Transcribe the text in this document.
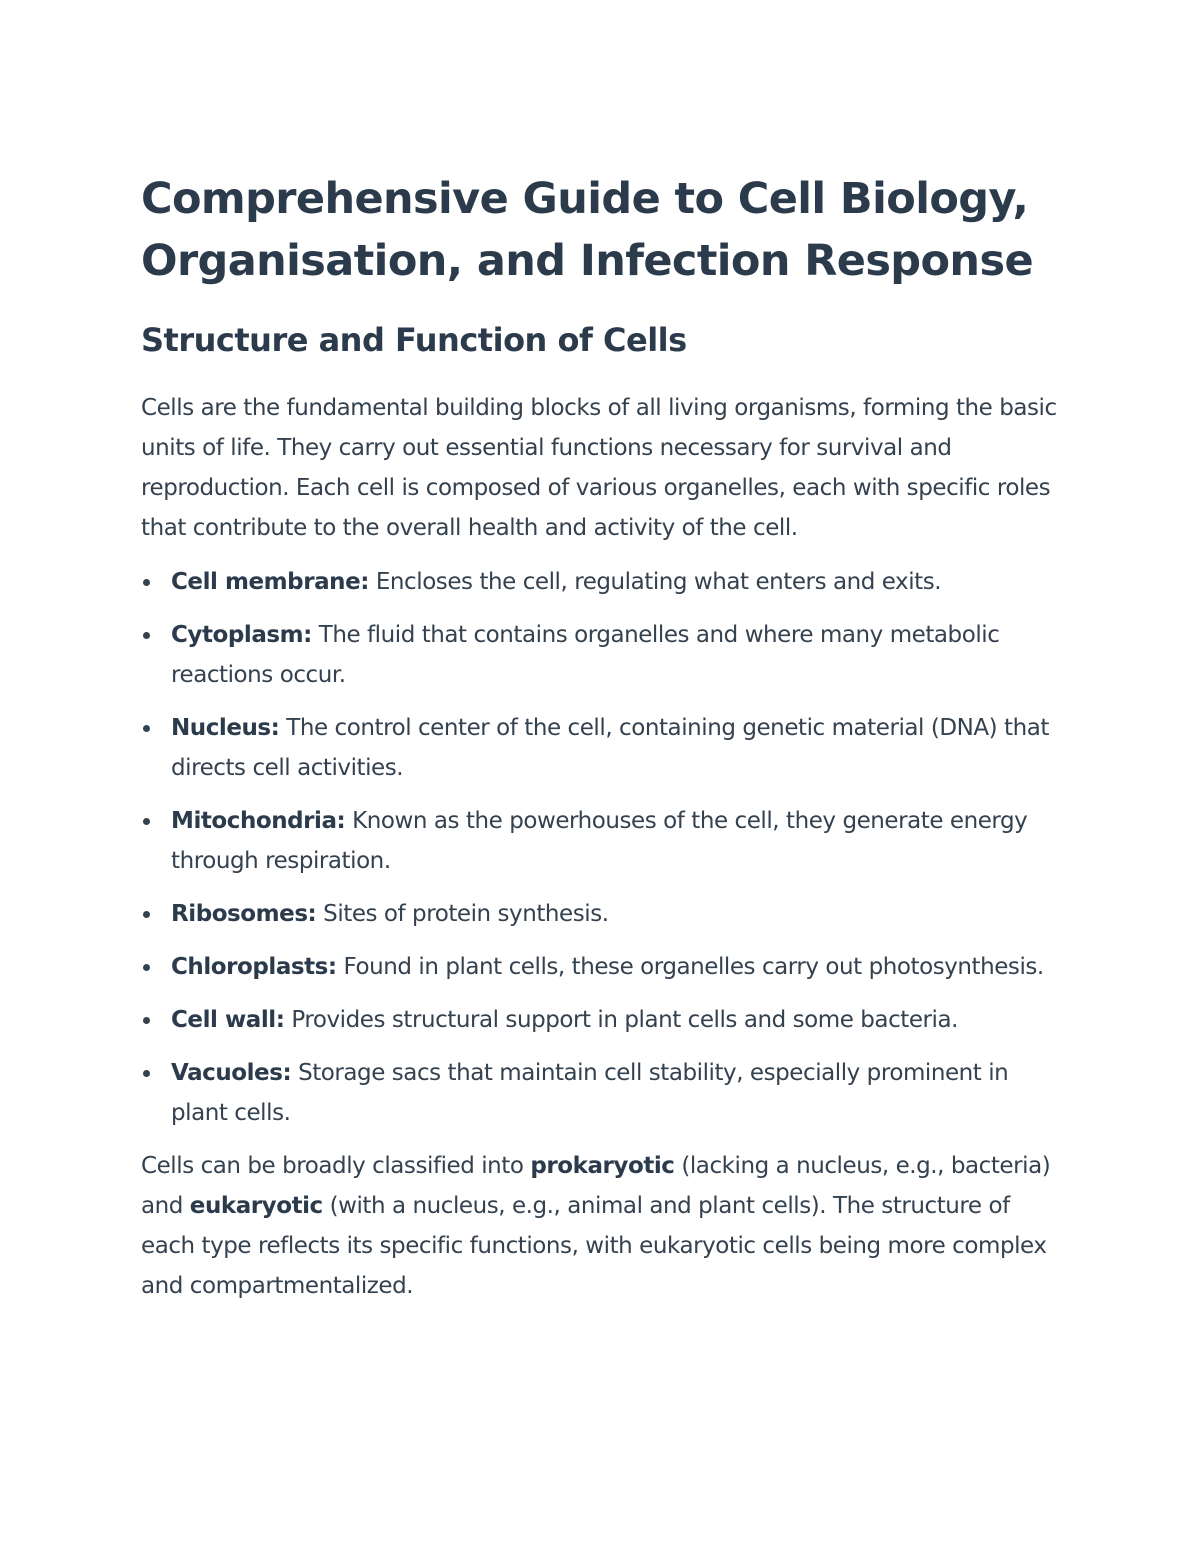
Comprehensive Guide to Cell Biology,
Organisation, and Infection Response
Structure and Function of Cells

Cells are the fundamental building blocks of all living organisms, forming the basic units of life. They carry out essential functions necessary for survival and reproduction. Each cell is composed of various organelles, each with specific roles that contribute to the overall health and activity of the cell.

Cell membrane: Encloses the cell, regulating what enters and exits.
Cytoplasm: The fluid that contains organelles and where many metabolic reactions occur.
Nucleus: The control center of the cell, containing genetic material (DNA) that directs cell activities.
Mitochondria: Known as the powerhouses of the cell, they generate energy through respiration.
Ribosomes: Sites of protein synthesis.
Chloroplasts: Found in plant cells, these organelles carry out photosynthesis.
Cell wall: Provides structural support in plant cells and some bacteria.
Vacuoles: Storage sacs that maintain cell stability, especially prominent in plant cells.

Cells can be broadly classified into prokaryotic (lacking a nucleus, e.g., bacteria) and eukaryotic (with a nucleus, e.g., animal and plant cells). The structure of each type reflects its specific functions, with eukaryotic cells being more complex and compartmentalized.
